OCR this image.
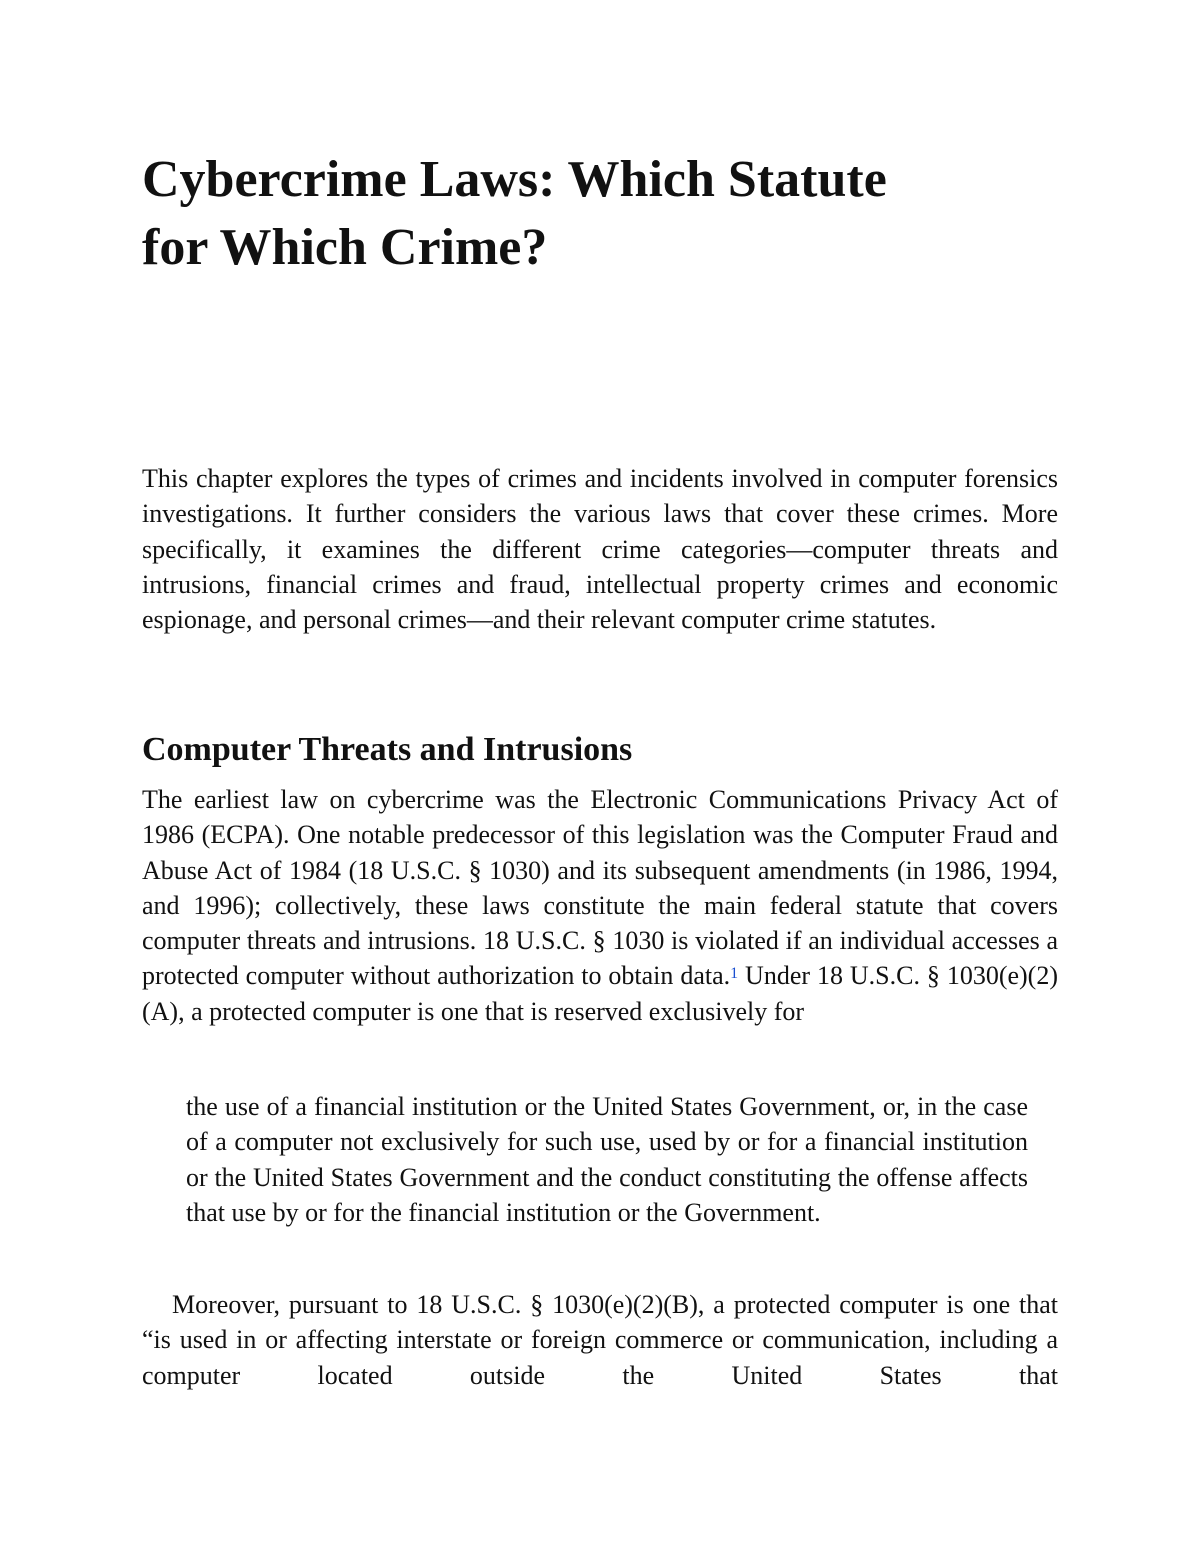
Cybercrime Laws: Which Statute
for Which Crime?

This chapter explores the types of crimes and incidents involved in computer forensics investigations. It further considers the various laws that cover these crimes. More specifically, it examines the different crime categories—computer threats and intrusions, financial crimes and fraud, intellectual property crimes and economic espionage, and personal crimes—and their relevant computer crime statutes.

Computer Threats and Intrusions

The earliest law on cybercrime was the Electronic Communications Privacy Act of 1986 (ECPA). One notable predecessor of this legislation was the Computer Fraud and Abuse Act of 1984 (18 U.S.C. § 1030) and its subsequent amendments (in 1986, 1994, and 1996); collectively, these laws constitute the main federal statute that covers computer threats and intrusions. 18 U.S.C. § 1030 is violated if an individual accesses a protected computer without authorization to obtain data.$^1$ Under 18 U.S.C. § 1030(e)(2)(A), a protected computer is one that is reserved exclusively for

the use of a financial institution or the United States Government, or, in the case of a computer not exclusively for such use, used by or for a financial institution or the United States Government and the conduct constituting the offense affects that use by or for the financial institution or the Government.

Moreover, pursuant to 18 U.S.C. § 1030(e)(2)(B), a protected computer is one that “is used in or affecting interstate or foreign commerce or communication, including a computer located outside the United States that
